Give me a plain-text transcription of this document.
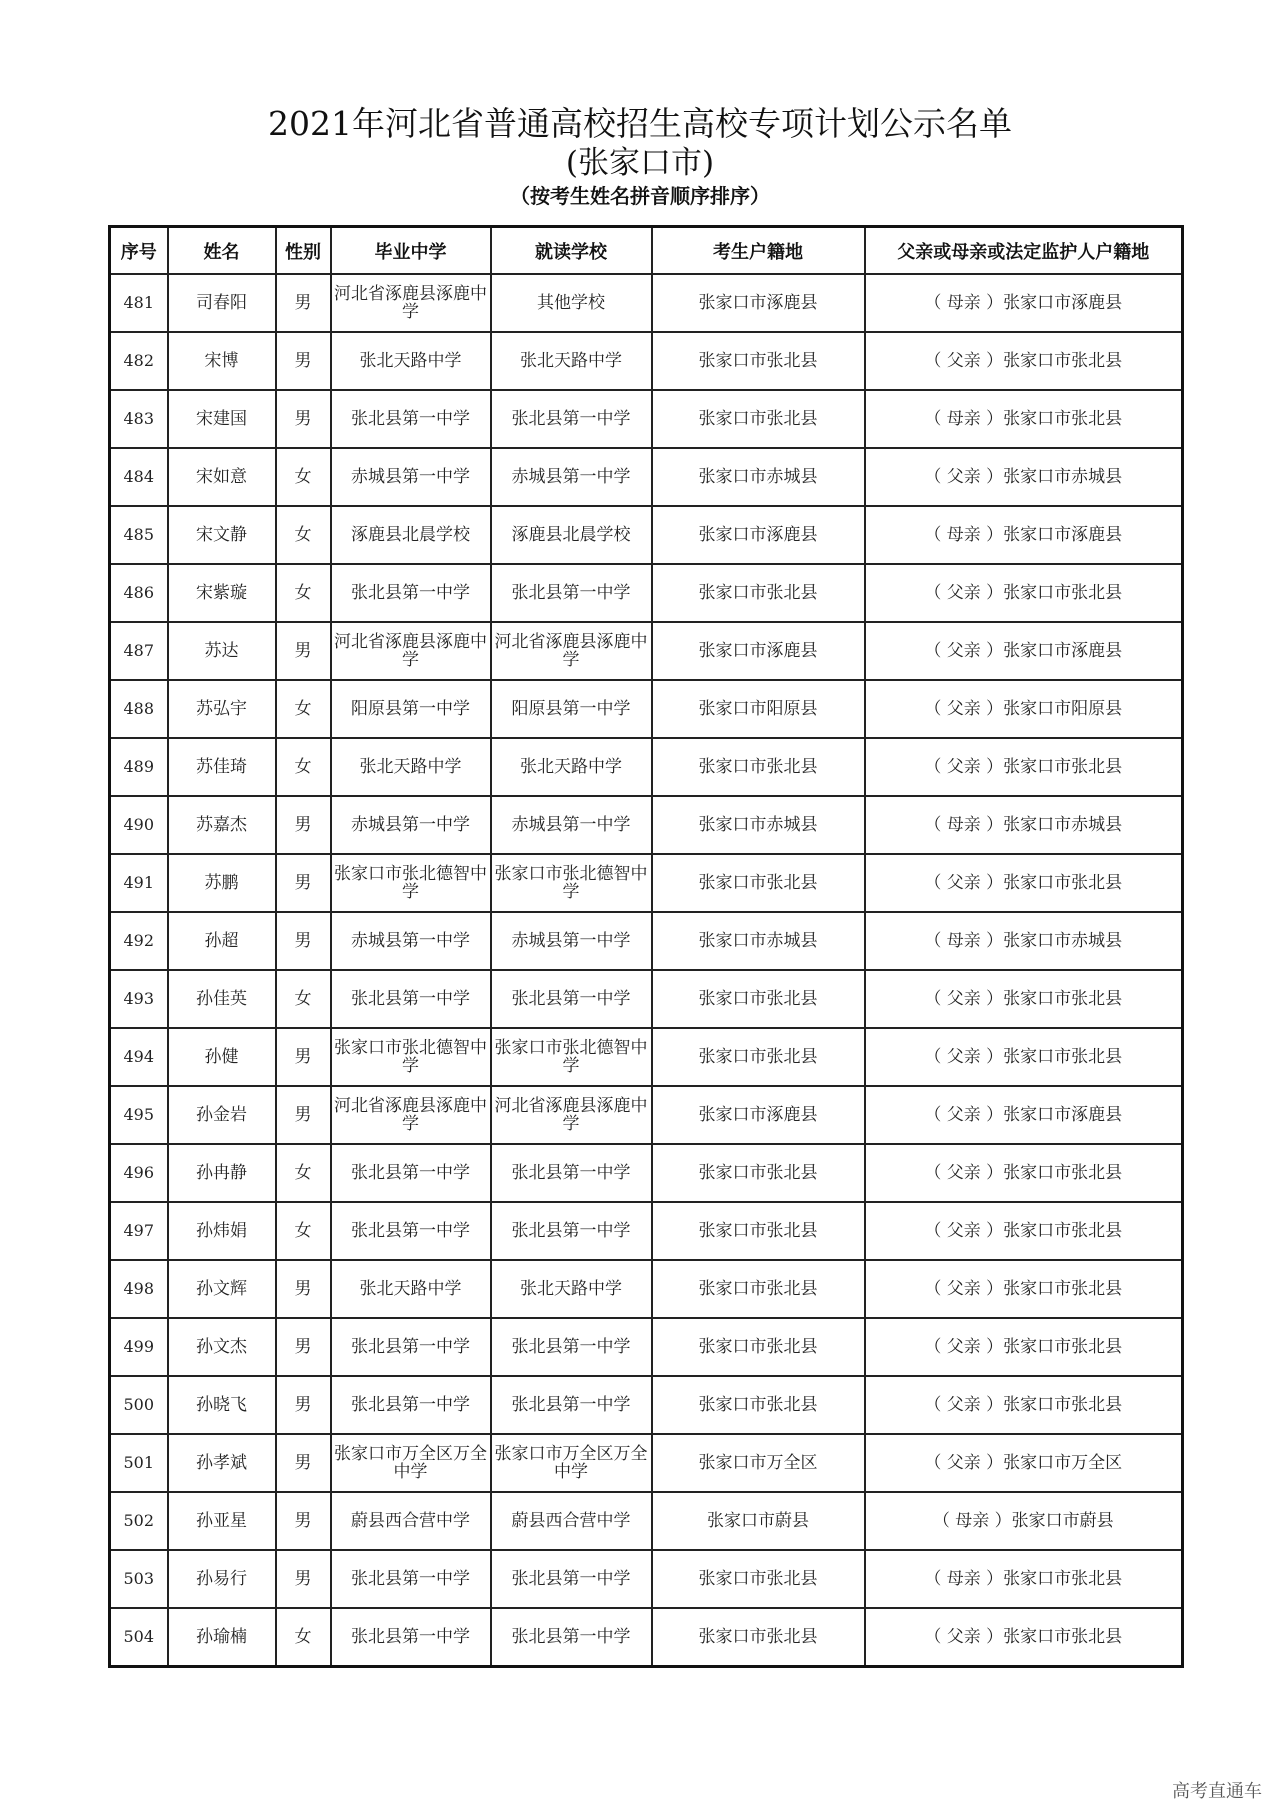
2021年河北省普通高校招生高校专项计划公示名单
(张家口市)
（按考生姓名拼音顺序排序）
序号	姓名	性别	毕业中学	就读学校	考生户籍地	父亲或母亲或法定监护人户籍地
481	司春阳	男	河北省涿鹿县涿鹿中学	其他学校	张家口市涿鹿县	（ 母亲 ）张家口市涿鹿县
482	宋博	男	张北天路中学	张北天路中学	张家口市张北县	（ 父亲 ）张家口市张北县
483	宋建国	男	张北县第一中学	张北县第一中学	张家口市张北县	（ 母亲 ）张家口市张北县
484	宋如意	女	赤城县第一中学	赤城县第一中学	张家口市赤城县	（ 父亲 ）张家口市赤城县
485	宋文静	女	涿鹿县北晨学校	涿鹿县北晨学校	张家口市涿鹿县	（ 母亲 ）张家口市涿鹿县
486	宋紫璇	女	张北县第一中学	张北县第一中学	张家口市张北县	（ 父亲 ）张家口市张北县
487	苏达	男	河北省涿鹿县涿鹿中学	河北省涿鹿县涿鹿中学	张家口市涿鹿县	（ 父亲 ）张家口市涿鹿县
488	苏弘宇	女	阳原县第一中学	阳原县第一中学	张家口市阳原县	（ 父亲 ）张家口市阳原县
489	苏佳琦	女	张北天路中学	张北天路中学	张家口市张北县	（ 父亲 ）张家口市张北县
490	苏嘉杰	男	赤城县第一中学	赤城县第一中学	张家口市赤城县	（ 母亲 ）张家口市赤城县
491	苏鹏	男	张家口市张北德智中学	张家口市张北德智中学	张家口市张北县	（ 父亲 ）张家口市张北县
492	孙超	男	赤城县第一中学	赤城县第一中学	张家口市赤城县	（ 母亲 ）张家口市赤城县
493	孙佳英	女	张北县第一中学	张北县第一中学	张家口市张北县	（ 父亲 ）张家口市张北县
494	孙健	男	张家口市张北德智中学	张家口市张北德智中学	张家口市张北县	（ 父亲 ）张家口市张北县
495	孙金岩	男	河北省涿鹿县涿鹿中学	河北省涿鹿县涿鹿中学	张家口市涿鹿县	（ 父亲 ）张家口市涿鹿县
496	孙冉静	女	张北县第一中学	张北县第一中学	张家口市张北县	（ 父亲 ）张家口市张北县
497	孙炜娟	女	张北县第一中学	张北县第一中学	张家口市张北县	（ 父亲 ）张家口市张北县
498	孙文辉	男	张北天路中学	张北天路中学	张家口市张北县	（ 父亲 ）张家口市张北县
499	孙文杰	男	张北县第一中学	张北县第一中学	张家口市张北县	（ 父亲 ）张家口市张北县
500	孙晓飞	男	张北县第一中学	张北县第一中学	张家口市张北县	（ 父亲 ）张家口市张北县
501	孙孝斌	男	张家口市万全区万全中学	张家口市万全区万全中学	张家口市万全区	（ 父亲 ）张家口市万全区
502	孙亚星	男	蔚县西合营中学	蔚县西合营中学	张家口市蔚县	（ 母亲 ）张家口市蔚县
503	孙易行	男	张北县第一中学	张北县第一中学	张家口市张北县	（ 母亲 ）张家口市张北县
504	孙瑜楠	女	张北县第一中学	张北县第一中学	张家口市张北县	（ 父亲 ）张家口市张北县
高考直通车
